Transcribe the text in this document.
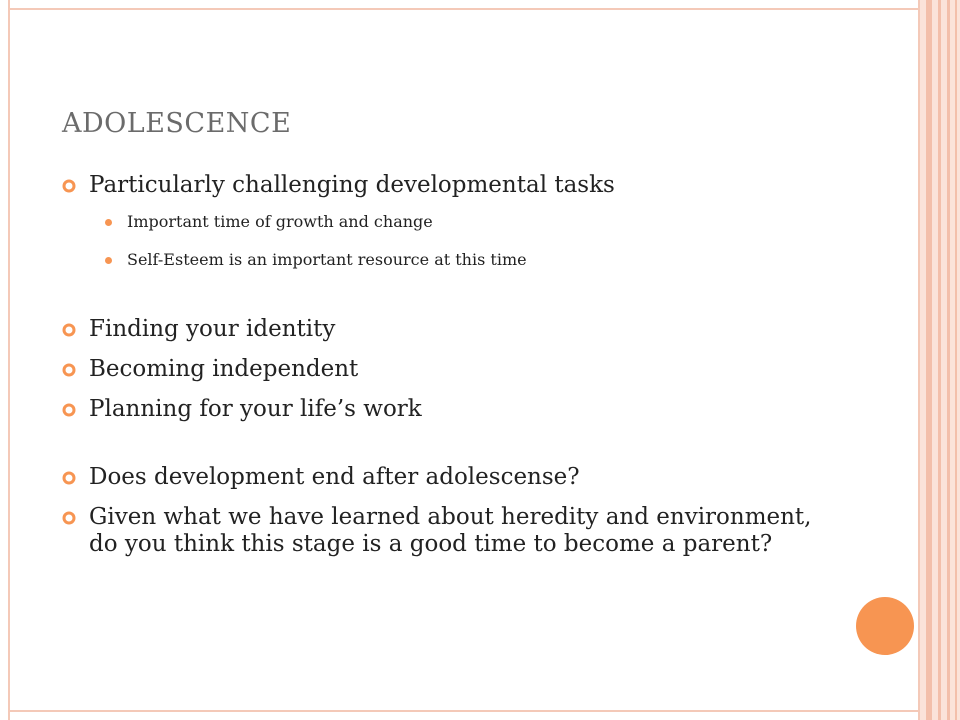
ADOLESCENCE
Particularly challenging developmental tasks
Important time of growth and change
Self-Esteem is an important resource at this time
Finding your identity
Becoming independent
Planning for your life’s work
Does development end after adolescense?
Given what we have learned about heredity and environment, do you think this stage is a good time to become a parent?
